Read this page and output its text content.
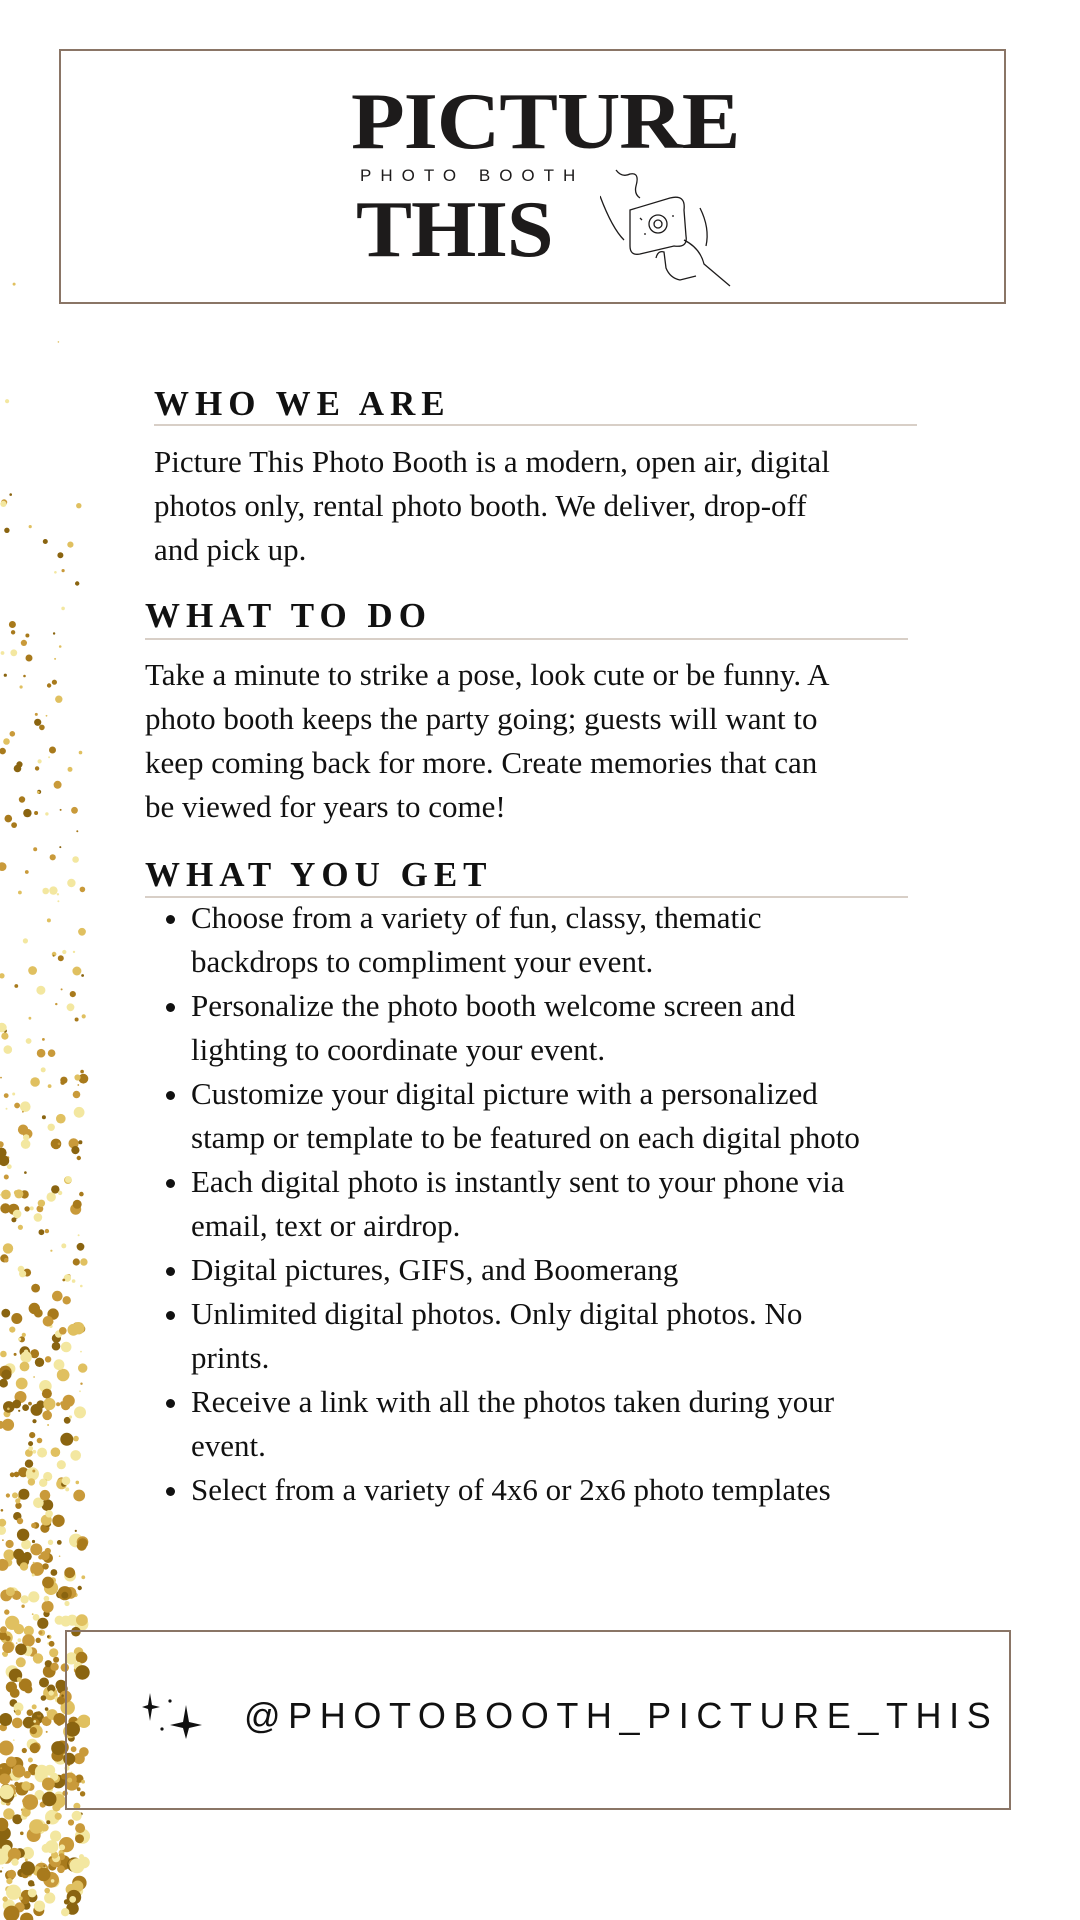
PICTURE
PHOTO BOOTH
THIS
WHO WE ARE
Picture This Photo Booth is a modern, open air, digital
photos only, rental photo booth. We deliver, drop-off
and pick up.
WHAT TO DO
Take a minute to strike a pose, look cute or be funny. A
photo booth keeps the party going; guests will want to
keep coming back for more. Create memories that can
be viewed for years to come!
WHAT YOU GET
Choose from a variety of fun, classy, thematic
backdrops to compliment your event.
Personalize the photo booth welcome screen and
lighting to coordinate your event.
Customize your digital picture with a personalized
stamp or template to be featured on each digital photo
Each digital photo is instantly sent to your phone via
email, text or airdrop.
Digital pictures, GIFS, and Boomerang
Unlimited digital photos. Only digital photos. No
prints.
Receive a link with all the photos taken during your
event.
Select from a variety of 4x6 or 2x6 photo templates
@PHOTOBOOTH_PICTURE_THIS
